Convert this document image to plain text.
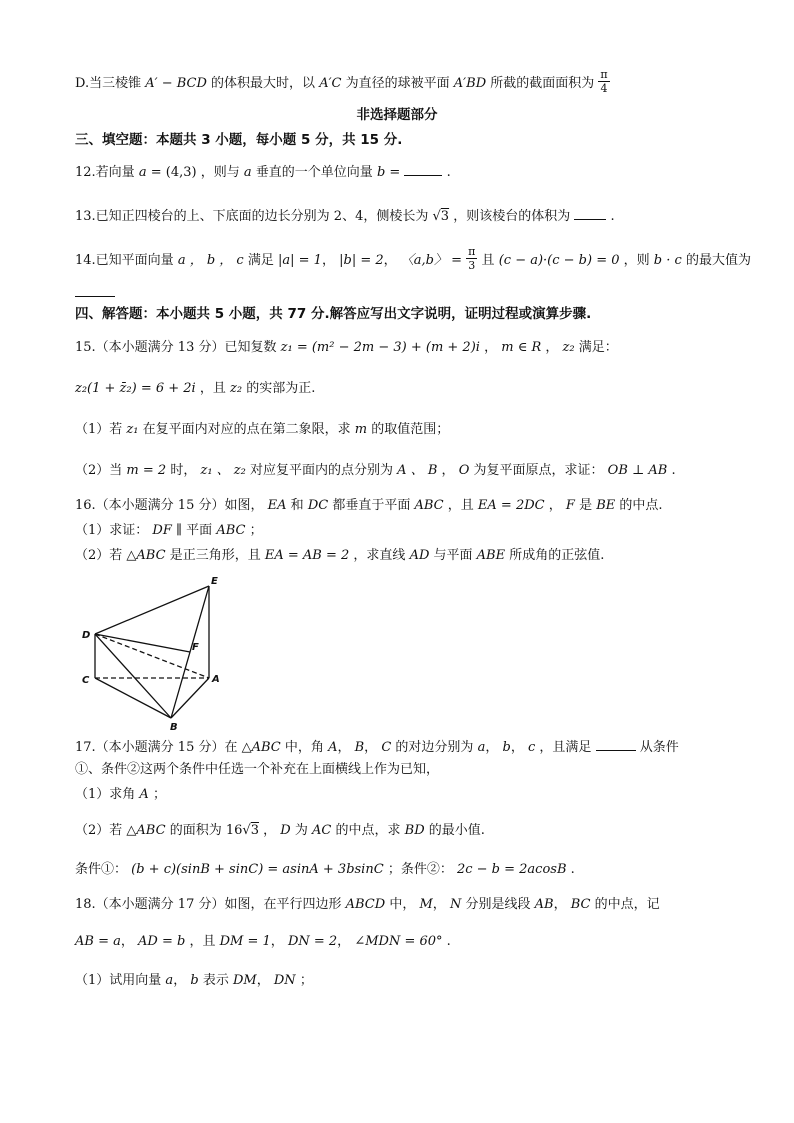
D.当三棱锥 A′ − BCD 的体积最大时，以 A′C 为直径的球被平面 A′BD 所截的截面面积为 $\frac{\pi}{4}$
非选择题部分
三、填空题：本题共 3 小题，每小题 5 分，共 15 分.
12.若向量 a = (4,3) ，则与 a 垂直的一个单位向量 b =	.
13.已知正四棱台的上、下底面的边长分别为 2、4，侧棱长为 √3 ，则该棱台的体积为	.
14.已知平面向量 a ， b ， c 满足 |a| = 1， |b| = 2， 〈a,b〉 = $\frac{\pi}{3}$ 且 (c − a)·(c − b) = 0 ，则 b · c 的最大值为
四、解答题：本小题共 5 小题，共 77 分.解答应写出文字说明，证明过程或演算步骤.
15.（本小题满分 13 分）已知复数 z₁ = (m² − 2m − 3) + (m + 2)i ， m ∈ R ， z₂ 满足：
z₂(1 + z̄₂) = 6 + 2i ，且 z₂ 的实部为正.
（1）若 z₁ 在复平面内对应的点在第二象限，求 m 的取值范围；
（2）当 m = 2 时， z₁ 、 z₂ 对应复平面内的点分别为 A 、 B ， O 为复平面原点，求证： OB ⊥ AB .
16.（本小题满分 15 分）如图， EA 和 DC 都垂直于平面 ABC ，且 EA = 2DC ， F 是 BE 的中点.
（1）求证： DF ∥ 平面 ABC ；
（2）若 △ABC 是正三角形，且 EA = AB = 2 ，求直线 AD 与平面 ABE 所成角的正弦值.
E
D
F
C	A
B
17.（本小题满分 15 分）在 △ABC 中，角 A， B， C 的对边分别为 a， b， c ，且满足	从条件
①、条件②这两个条件中任选一个补充在上面横线上作为已知，
（1）求角 A ；
（2）若 △ABC 的面积为 16√3 ， D 为 AC 的中点，求 BD 的最小值.
条件①： (b + c)(sinB + sinC) = asinA + 3bsinC ；条件②： 2c − b = 2acosB .
18.（本小题满分 17 分）如图，在平行四边形 ABCD 中， M， N 分别是线段 AB， BC 的中点，记
AB = a， AD = b ，且 DM = 1， DN = 2， ∠MDN = 60° .
（1）试用向量 a， b 表示 DM， DN ；
